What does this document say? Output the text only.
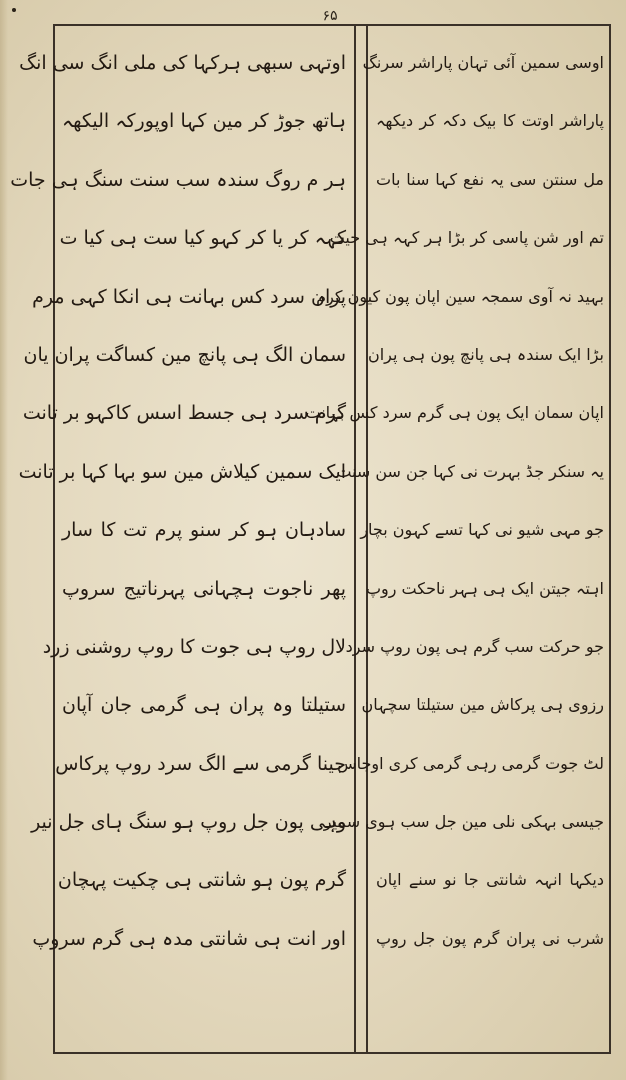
۶۵
اوتہی سبھی ہرکہا کی ملی انگ سی انگ
ہاتھ جوڑ کر مین کہا اوپورکہ الیکھہ
ہر م روگ سندہ سب سنت سنگ ہی جات
کہہ کر یا کر کہو کیا ست ہی کیا ت
پران سرد کس بہانت ہی انکا کہی مرم
سمان الگ ہی پانچ مین کساگت پران یان
گرم سرد ہی جسط اسس کاکہو بر تانت
ایک سمین کیلاش مین سو بہا کہا بر تانت
سادہان ہو کر سنو پرم تت کا سار
پھر ناجوت ہچہانی پہرناتیج سروپ
لال روپ ہی جوت کا روپ روشنی زرد
ستیلتا وہ پران ہی گرمی جان آپان
جینا گرمی سے الگ سرد روپ پرکاس
وہی پون جل روپ ہو سنگ ہای جل نیر
گرم پون ہو شانتی ہی چکیت پہچان
اور انت ہی شانتی مدہ ہی گرم سروپ
اوسی سمین آئی تہان پاراشر سرنگ
پاراشر اوتت کا بیک دکہ کر دیکھہ
مل سنتن سی یہ نفع کہا سنا بات
تم اور شن پاسی کر بڑا ہر کہہ ہی حیت
بہید نہ آوی سمجہ سین اپان پون کیون کرم
بڑا ایک سندہ ہی پانچ پون ہی پران
اپان سمان ایک پون ہی گرم سرد کس بہانت
یہ سنکر جڈ بہرت نی کہا جن سن سنت
جو مہی شیو نی کہا تسے کہون بچار
اہتہ جیتن ایک ہی ہہر ناحکت روپ
جو حرکت سب گرم ہی پون روپ سرد
رزوی ہی پرکاش مین ستیلتا سچہان
لٹ جوت گرمی رہی گرمی کری اوجاس
جیسی بہکی نلی مین جل سب ہوی سمیر
دیکہا انہہ شانتی جا نو سنے اپان
شرب نی پران گرم پون جل روپ
